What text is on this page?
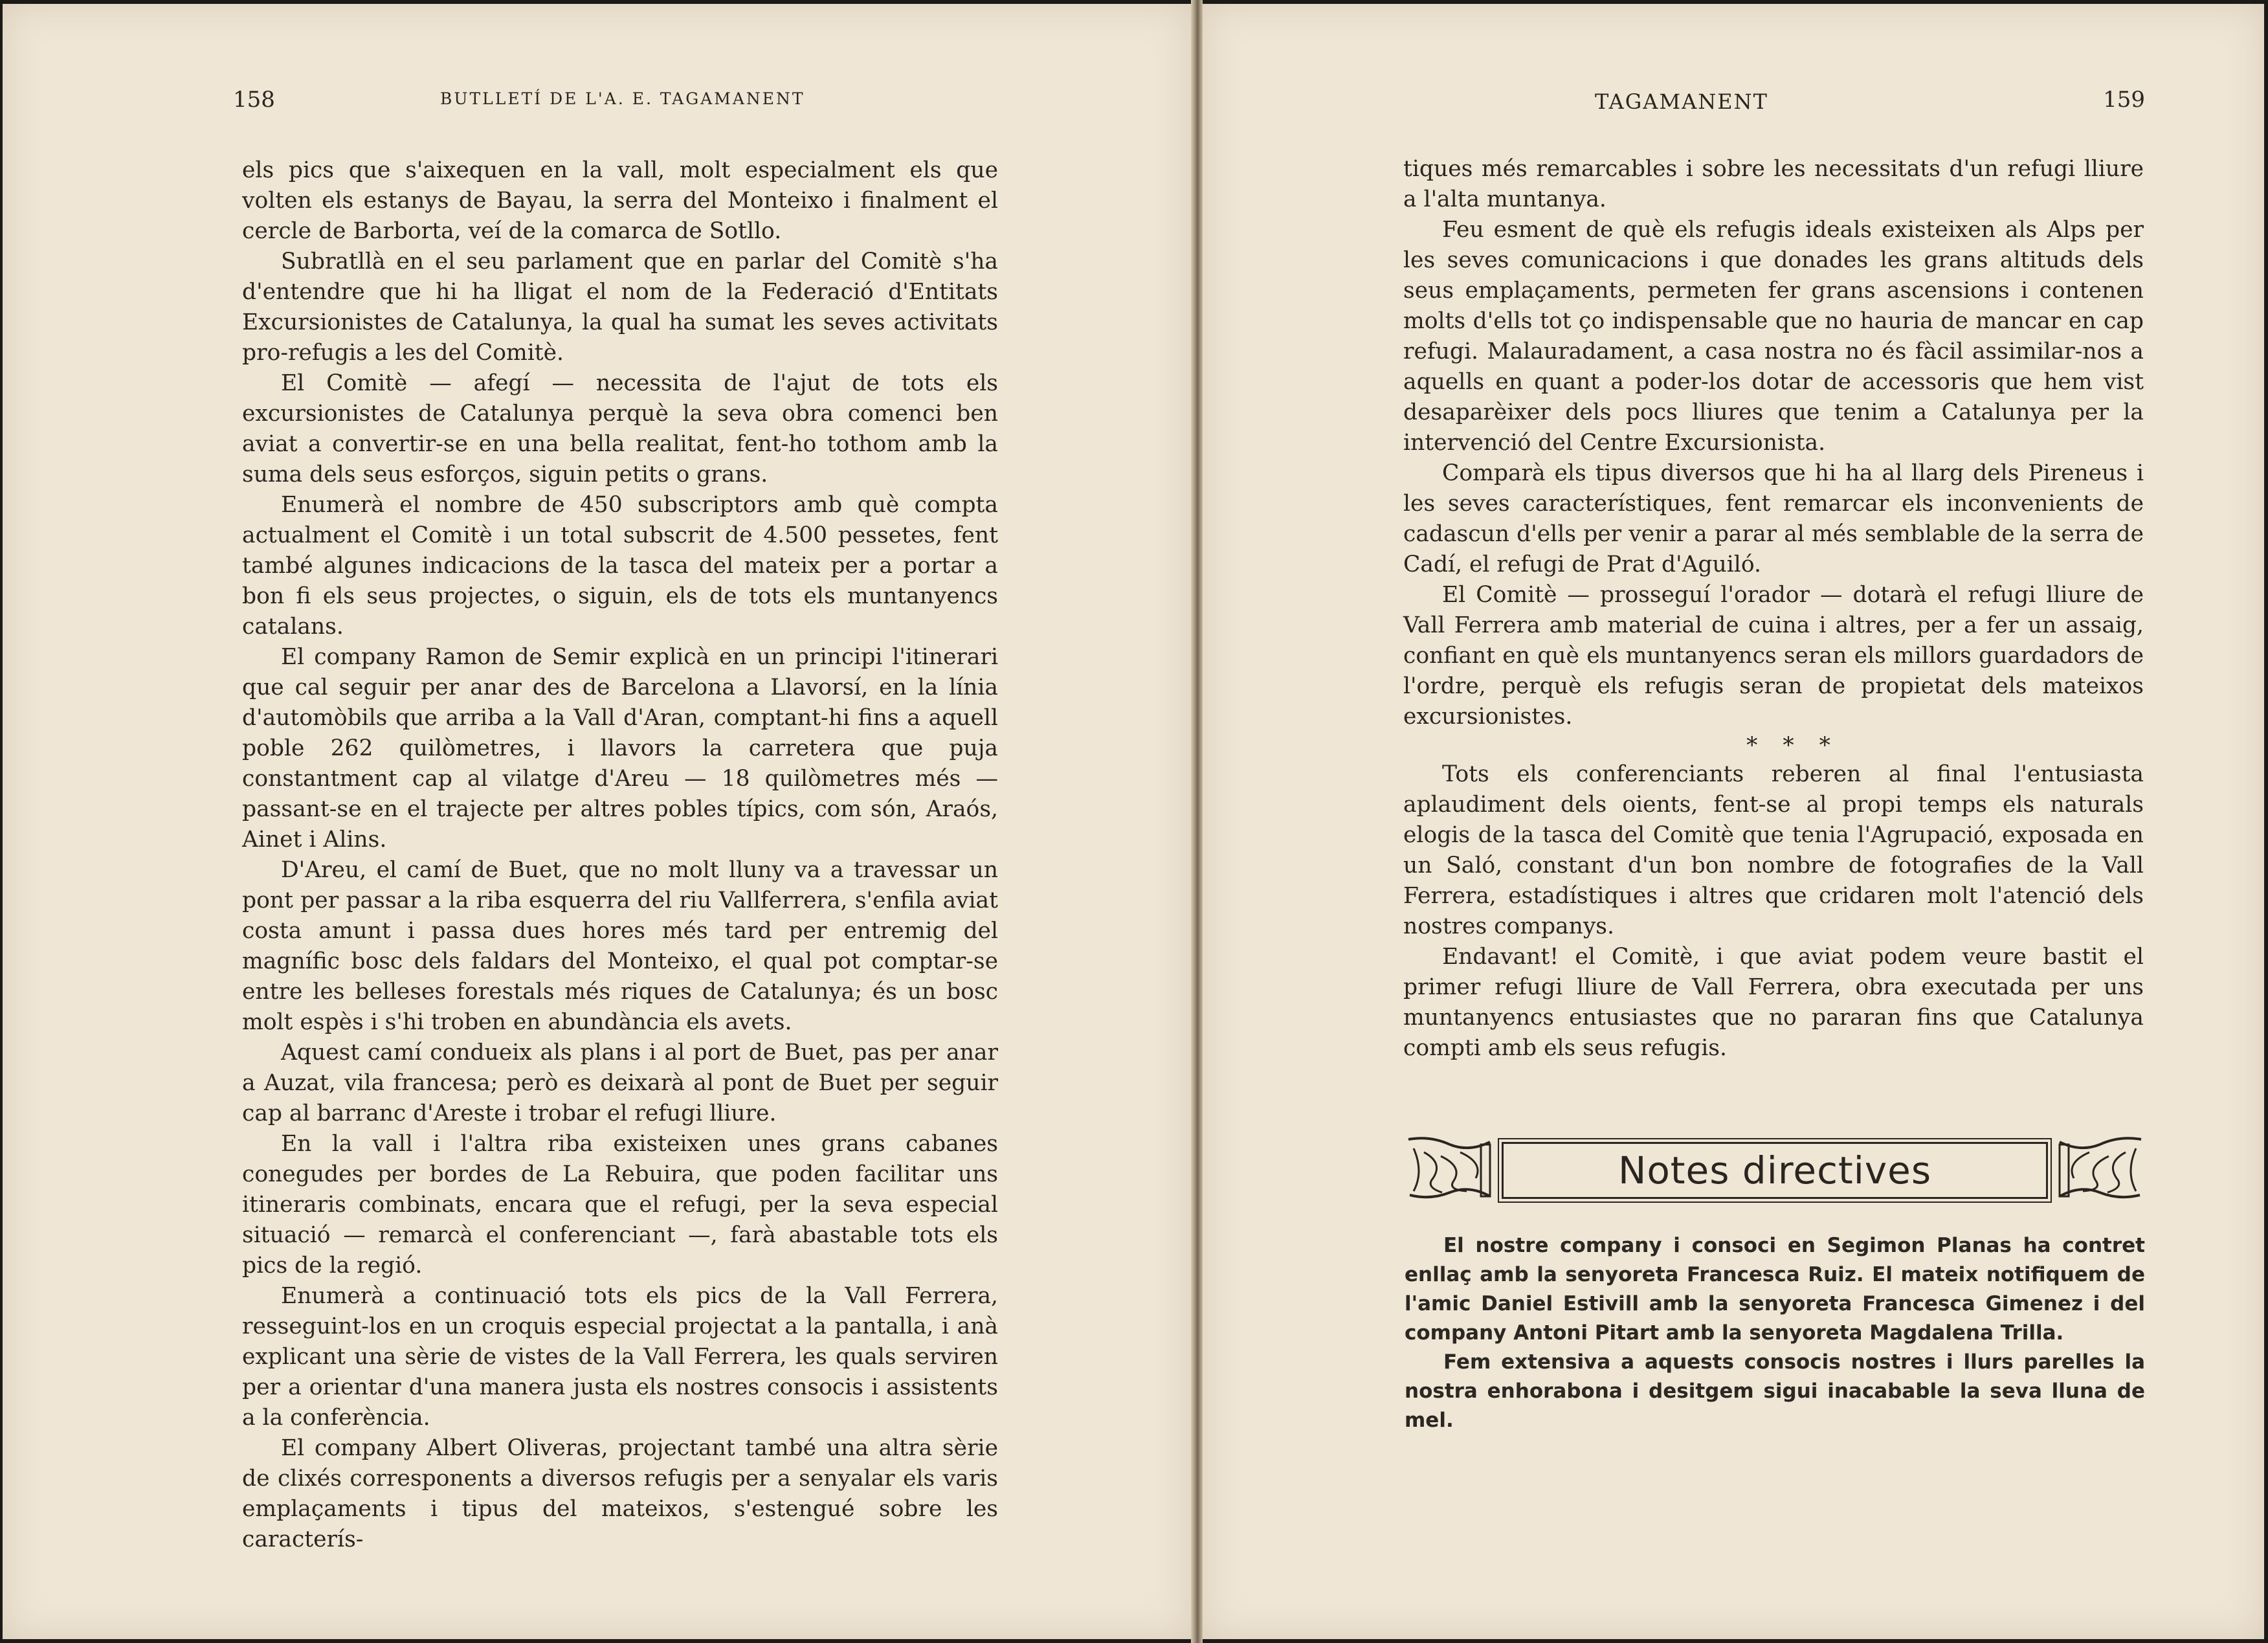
158	BUTLLETÍ DE L'A. E. TAGAMANENT

els pics que s'aixequen en la vall, molt especialment els que volten els estanys de Bayau, la serra del Monteixo i finalment el cercle de Barborta, veí de la comarca de Sotllo.

Subratllà en el seu parlament que en parlar del Comitè s'ha d'entendre que hi ha lligat el nom de la Federació d'Entitats Excursionistes de Catalunya, la qual ha sumat les seves activitats pro-refugis a les del Comitè.

El Comitè — afegí — necessita de l'ajut de tots els excursionistes de Catalunya perquè la seva obra comenci ben aviat a convertir-se en una bella realitat, fent-ho tothom amb la suma dels seus esforços, siguin petits o grans.

Enumerà el nombre de 450 subscriptors amb què compta actualment el Comitè i un total subscrit de 4.500 pessetes, fent també algunes indicacions de la tasca del mateix per a portar a bon fi els seus projectes, o siguin, els de tots els muntanyencs catalans.

El company Ramon de Semir explicà en un principi l'itinerari que cal seguir per anar des de Barcelona a Llavorsí, en la línia d'automòbils que arriba a la Vall d'Aran, comptant-hi fins a aquell poble 262 quilòmetres, i llavors la carretera que puja constantment cap al vilatge d'Areu — 18 quilòmetres més — passant-se en el trajecte per altres pobles típics, com són, Araós, Ainet i Alins.

D'Areu, el camí de Buet, que no molt lluny va a travessar un pont per passar a la riba esquerra del riu Vallferrera, s'enfila aviat costa amunt i passa dues hores més tard per entremig del magnífic bosc dels faldars del Monteixo, el qual pot comptar-se entre les belleses forestals més riques de Catalunya; és un bosc molt espès i s'hi troben en abundància els avets.

Aquest camí condueix als plans i al port de Buet, pas per anar a Auzat, vila francesa; però es deixarà al pont de Buet per seguir cap al barranc d'Areste i trobar el refugi lliure.

En la vall i l'altra riba existeixen unes grans cabanes conegudes per bordes de La Rebuira, que poden facilitar uns itineraris combinats, encara que el refugi, per la seva especial situació — remarcà el conferenciant —, farà abastable tots els pics de la regió.

Enumerà a continuació tots els pics de la Vall Ferrera, resseguint-los en un croquis especial projectat a la pantalla, i anà explicant una sèrie de vistes de la Vall Ferrera, les quals serviren per a orientar d'una manera justa els nostres consocis i assistents a la conferència.

El company Albert Oliveras, projectant també una altra sèrie de clixés corresponents a diversos refugis per a senyalar els varis emplaçaments i tipus del mateixos, s'estengué sobre les caracterís-

TAGAMANENT	159

tiques més remarcables i sobre les necessitats d'un refugi lliure a l'alta muntanya.

Feu esment de què els refugis ideals existeixen als Alps per les seves comunicacions i que donades les grans altituds dels seus emplaçaments, permeten fer grans ascensions i contenen molts d'ells tot ço indispensable que no hauria de mancar en cap refugi. Malauradament, a casa nostra no és fàcil assimilar-nos a aquells en quant a poder-los dotar de accessoris que hem vist desaparèixer dels pocs lliures que tenim a Catalunya per la intervenció del Centre Excursionista.

Comparà els tipus diversos que hi ha al llarg dels Pireneus i les seves característiques, fent remarcar els inconvenients de cadascun d'ells per venir a parar al més semblable de la serra de Cadí, el refugi de Prat d'Aguiló.

El Comitè — prosseguí l'orador — dotarà el refugi lliure de Vall Ferrera amb material de cuina i altres, per a fer un assaig, confiant en què els muntanyencs seran els millors guardadors de l'ordre, perquè els refugis seran de propietat dels mateixos excursionistes.

* * *

Tots els conferenciants reberen al final l'entusiasta aplaudiment dels oients, fent-se al propi temps els naturals elogis de la tasca del Comitè que tenia l'Agrupació, exposada en un Saló, constant d'un bon nombre de fotografies de la Vall Ferrera, estadístiques i altres que cridaren molt l'atenció dels nostres companys.

Endavant! el Comitè, i que aviat podem veure bastit el primer refugi lliure de Vall Ferrera, obra executada per uns muntanyencs entusiastes que no pararan fins que Catalunya compti amb els seus refugis.

Notes directives

El nostre company i consoci en Segimon Planas ha contret enllaç amb la senyoreta Francesca Ruiz. El mateix notifiquem de l'amic Daniel Estivill amb la senyoreta Francesca Gimenez i del company Antoni Pitart amb la senyoreta Magdalena Trilla.

Fem extensiva a aquests consocis nostres i llurs parelles la nostra enhorabona i desitgem sigui inacabable la seva lluna de mel.
